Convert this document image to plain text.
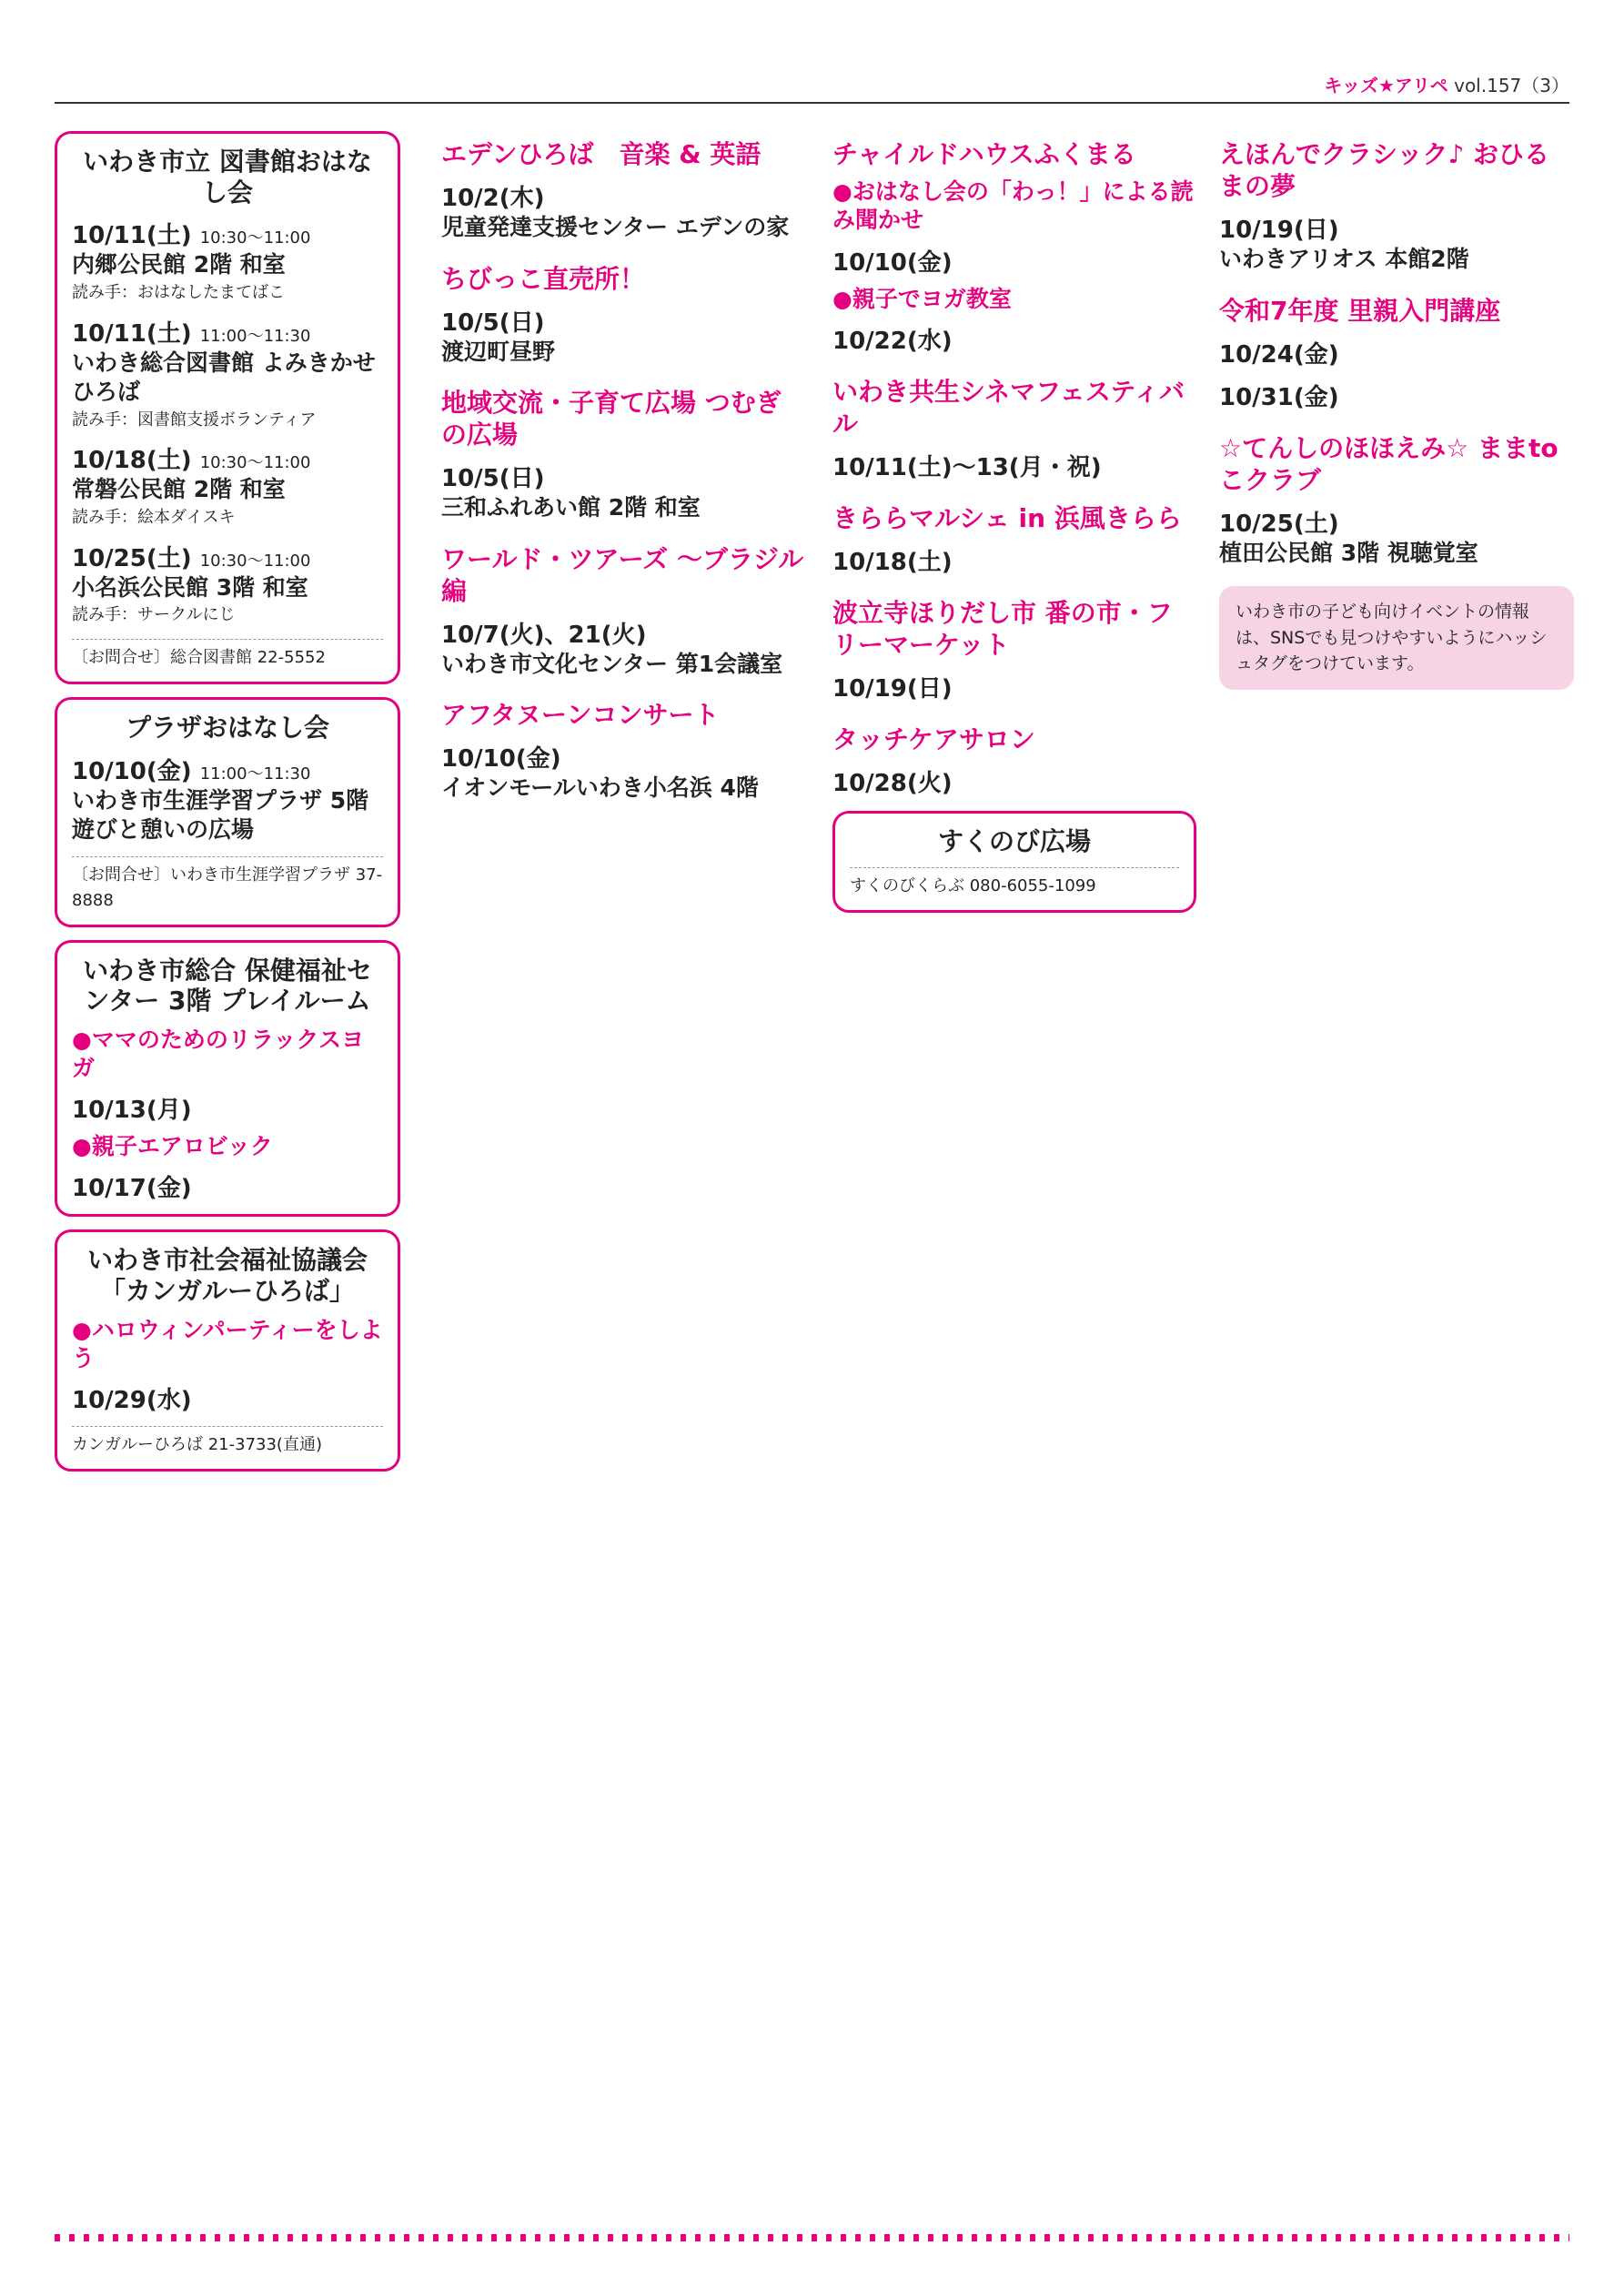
キッズ★アリペ vol.157（3）
いわき市立 図書館おはなし会
10/11(土) 10:30〜11:00
内郷公民館 2階 和室
読み手：おはなしたまてばこ
10/11(土) 11:00〜11:30
いわき総合図書館 よみきかせひろば
読み手：図書館支援ボランティア
10/18(土) 10:30〜11:00
常磐公民館 2階 和室
読み手：絵本ダイスキ
10/25(土) 10:30〜11:00
小名浜公民館 3階 和室
読み手：サークルにじ
〔お問合せ〕総合図書館 22-5552
プラザおはなし会
10/10(金) 11:00〜11:30
いわき市生涯学習プラザ 5階 遊びと憩いの広場
〔お問合せ〕いわき市生涯学習プラザ 37-8888
いわき市総合 保健福祉センター 3階 プレイルーム
●ママのためのリラックスヨガ
10/13(月)
●親子エアロビック
10/17(金)
いわき市社会福祉協議会「カンガルーひろば」
●ハロウィンパーティーをしよう
10/29(水)
カンガルーひろば 21-3733(直通)
エデンひろば　音楽 & 英語
10/2(木)
児童発達支援センター エデンの家
ちびっこ直売所！
10/5(日)
渡辺町昼野
地域交流・子育て広場 つむぎの広場
10/5(日)
三和ふれあい館 2階 和室
ワールド・ツアーズ 〜ブラジル編
10/7(火)、21(火)
いわき市文化センター 第1会議室
アフタヌーンコンサート
10/10(金)
イオンモールいわき小名浜 4階
チャイルドハウスふくまる
●おはなし会の「わっ！」による読み聞かせ
10/10(金)
●親子でヨガ教室
10/22(水)
いわき共生シネマフェスティバル
10/11(土)〜13(月・祝)
きららマルシェ in 浜風きらら
10/18(土)
波立寺ほりだし市 番の市・フリーマーケット
10/19(日)
タッチケアサロン
10/28(火)
すくのび広場
すくのびくらぶ 080-6055-1099
えほんでクラシック♪ おひるまの夢
10/19(日)
いわきアリオス 本館2階
令和7年度 里親入門講座
10/24(金)
10/31(金)
☆てんしのほほえみ☆ ままtoこクラブ
10/25(土)
植田公民館 3階 視聴覚室
いわき市の子ども向けイベントの情報は、SNSでも見つけやすいようにハッシュタグをつけています。
